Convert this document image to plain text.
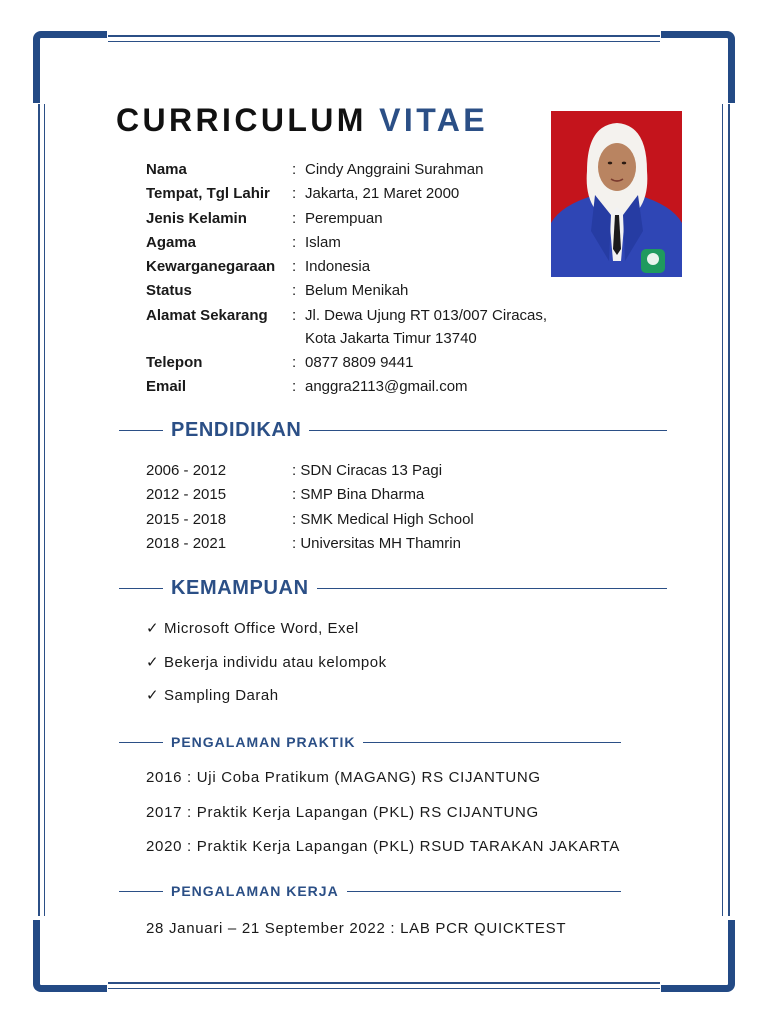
CURRICULUM VITAE
Nama	: Cindy Anggraini Surahman
Tempat, Tgl Lahir : Jakarta, 21 Maret 2000
Jenis Kelamin	: Perempuan
Agama	: Islam
Kewarganegaraan : Indonesia
Status	: Belum Menikah
Alamat Sekarang : Jl. Dewa Ujung RT 013/007 Ciracas,
Kota Jakarta Timur 13740
Telepon	: 0877 8809 9441
Email	: anggra2113@gmail.com
PENDIDIKAN
2006 - 2012	: SDN Ciracas 13 Pagi
2012 - 2015	: SMP Bina Dharma
2015 - 2018	: SMK Medical High School
2018 - 2021	: Universitas MH Thamrin
KEMAMPUAN
✓ Microsoft Office Word, Exel
✓ Bekerja individu atau kelompok
✓ Sampling Darah
PENGALAMAN PRAKTIK
2016 : Uji Coba Pratikum (MAGANG) RS CIJANTUNG
2017 : Praktik Kerja Lapangan (PKL) RS CIJANTUNG
2020 : Praktik Kerja Lapangan (PKL) RSUD TARAKAN JAKARTA
PENGALAMAN KERJA
28 Januari – 21 September 2022 : LAB PCR QUICKTEST
